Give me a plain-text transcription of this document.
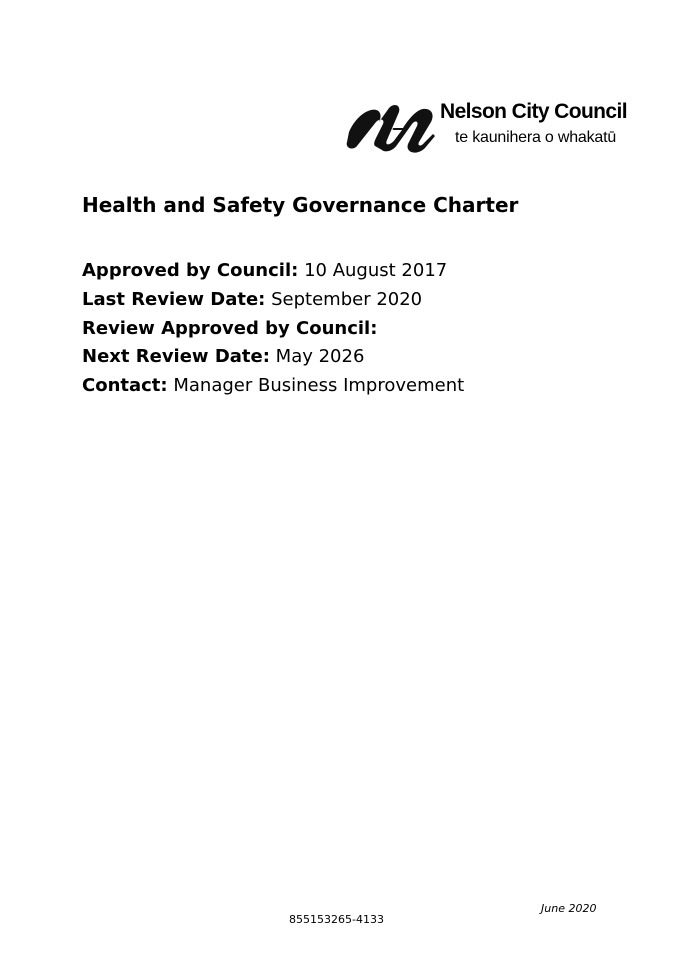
Nelson City Council
te kaunihera o whakatū
Health and Safety Governance Charter
Approved by Council: 10 August 2017
Last Review Date: September 2020
Review Approved by Council:
Next Review Date: May 2026
Contact: Manager Business Improvement
June 2020
855153265-4133
